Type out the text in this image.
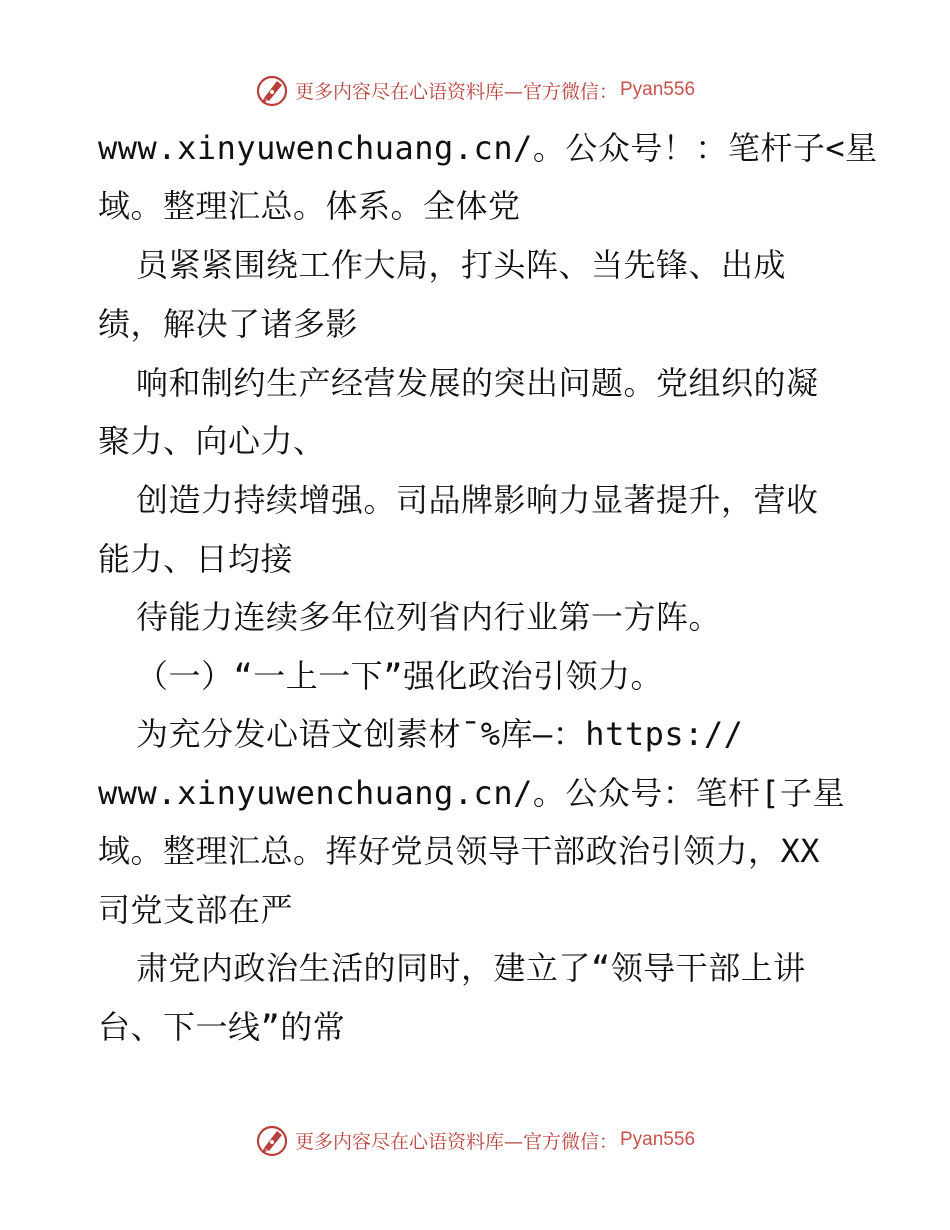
更多内容尽在心语资料库—官方微信： Pyan556
www.xinyuwenchuang.cn/。公众号！：笔杆子<星
域。整理汇总。体系。全体党
员紧紧围绕工作大局，打头阵、当先锋、出成
绩，解决了诸多影
响和制约生产经营发展的突出问题。党组织的凝
聚力、向心力、
创造力持续增强。司品牌影响力显著提升，营收
能力、日均接
待能力连续多年位列省内行业第一方阵。
（一）“一上一下”强化政治引领力。
为充分发心语文创素材¯%库—：https://
www.xinyuwenchuang.cn/。公众号：笔杆[子星
域。整理汇总。挥好党员领导干部政治引领力，XX
司党支部在严
肃党内政治生活的同时，建立了“领导干部上讲
台、下一线”的常
更多内容尽在心语资料库—官方微信： Pyan556
